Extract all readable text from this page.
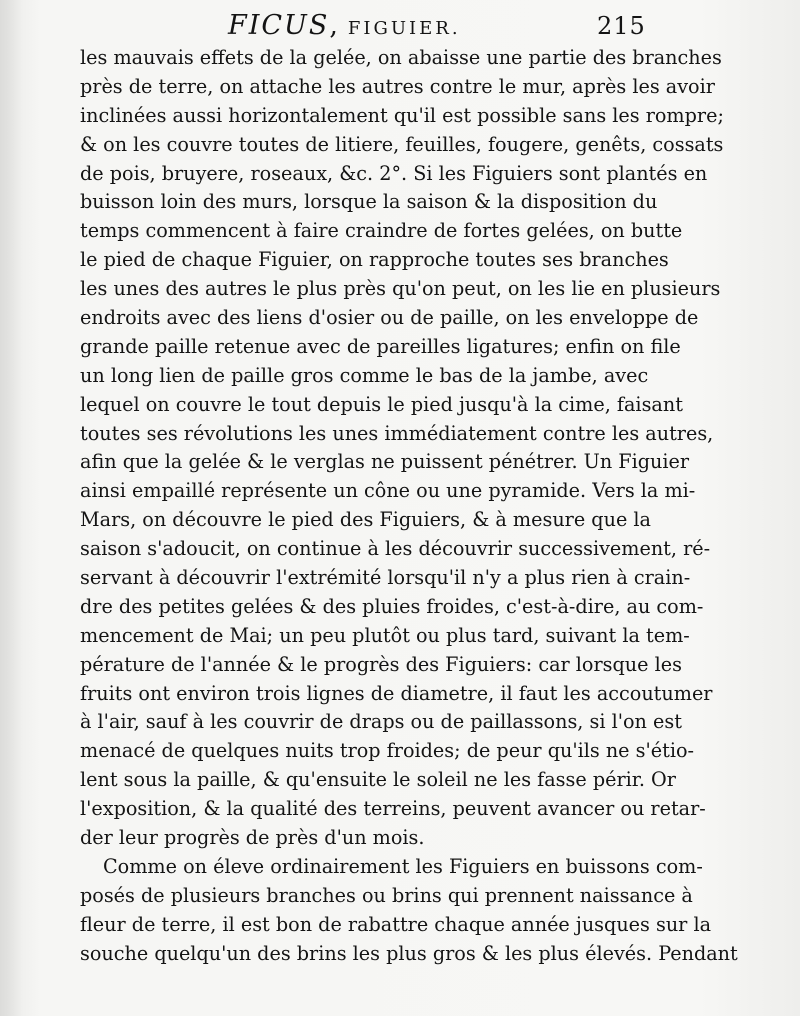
FICUS, FIGUIER.	215
les mauvais effets de la gelée, on abaisse une partie des branches
près de terre, on attache les autres contre le mur, après les avoir
inclinées aussi horizontalement qu'il est possible sans les rompre;
& on les couvre toutes de litiere, feuilles, fougere, genêts, cossats
de pois, bruyere, roseaux, &c. 2°. Si les Figuiers sont plantés en
buisson loin des murs, lorsque la saison & la disposition du
temps commencent à faire craindre de fortes gelées, on butte
le pied de chaque Figuier, on rapproche toutes ses branches
les unes des autres le plus près qu'on peut, on les lie en plusieurs
endroits avec des liens d'osier ou de paille, on les enveloppe de
grande paille retenue avec de pareilles ligatures; enfin on file
un long lien de paille gros comme le bas de la jambe, avec
lequel on couvre le tout depuis le pied jusqu'à la cime, faisant
toutes ses révolutions les unes immédiatement contre les autres,
afin que la gelée & le verglas ne puissent pénétrer. Un Figuier
ainsi empaillé représente un cône ou une pyramide. Vers la mi-
Mars, on découvre le pied des Figuiers, & à mesure que la
saison s'adoucit, on continue à les découvrir successivement, ré-
servant à découvrir l'extrémité lorsqu'il n'y a plus rien à crain-
dre des petites gelées & des pluies froides, c'est-à-dire, au com-
mencement de Mai; un peu plutôt ou plus tard, suivant la tem-
pérature de l'année & le progrès des Figuiers: car lorsque les
fruits ont environ trois lignes de diametre, il faut les accoutumer
à l'air, sauf à les couvrir de draps ou de paillassons, si l'on est
menacé de quelques nuits trop froides; de peur qu'ils ne s'étio-
lent sous la paille, & qu'ensuite le soleil ne les fasse périr. Or
l'exposition, & la qualité des terreins, peuvent avancer ou retar-
der leur progrès de près d'un mois.
Comme on éleve ordinairement les Figuiers en buissons com-
posés de plusieurs branches ou brins qui prennent naissance à
fleur de terre, il est bon de rabattre chaque année jusques sur la
souche quelqu'un des brins les plus gros & les plus élevés. Pendant
